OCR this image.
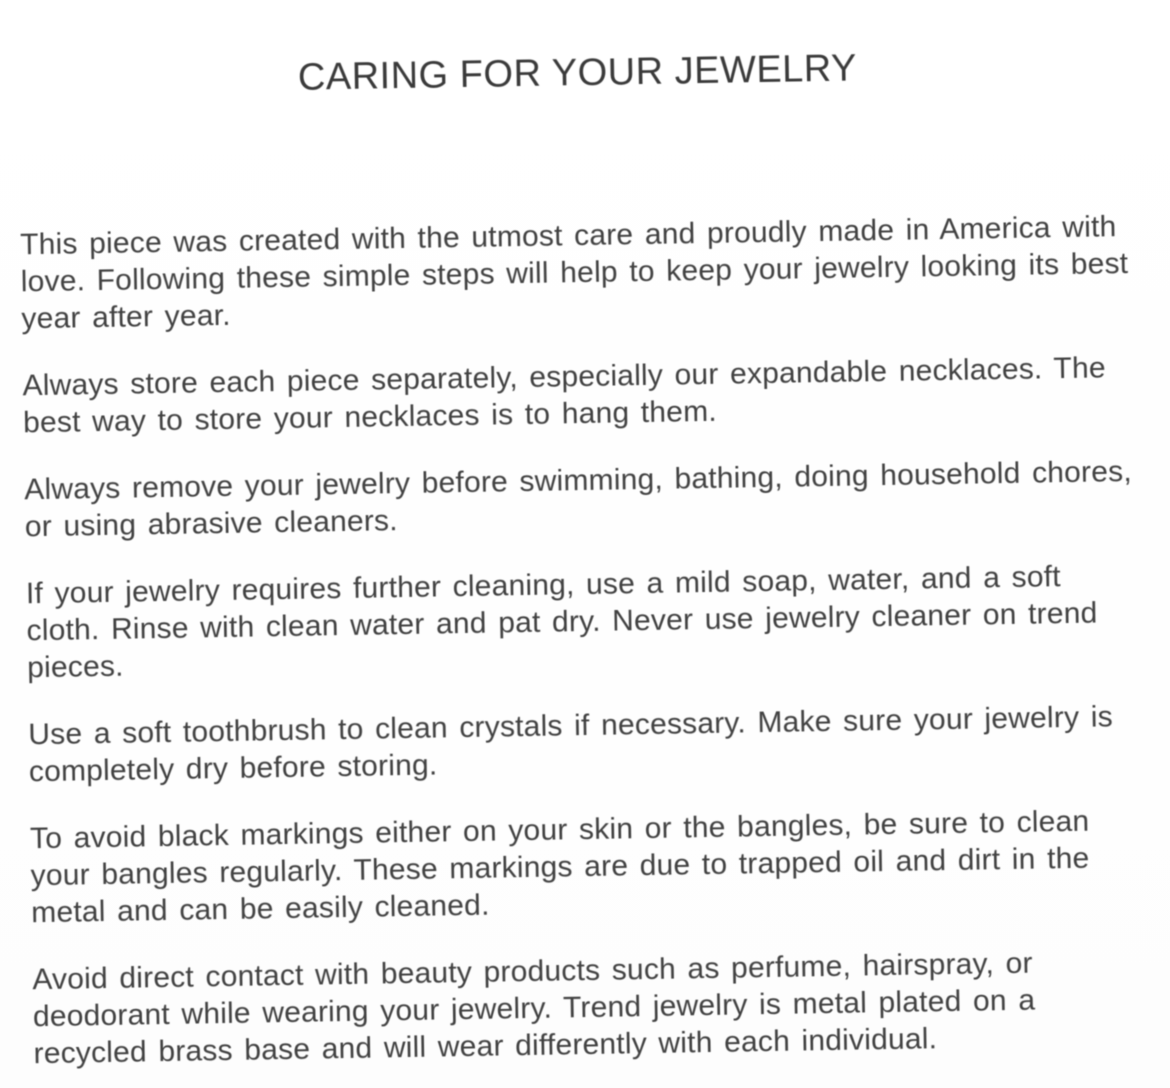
CARING FOR YOUR JEWELRY

This piece was created with the utmost care and proudly made in America with love. Following these simple steps will help to keep your jewelry looking its best year after year.

Always store each piece separately, especially our expandable necklaces. The best way to store your necklaces is to hang them.

Always remove your jewelry before swimming, bathing, doing household chores, or using abrasive cleaners.

If your jewelry requires further cleaning, use a mild soap, water, and a soft cloth. Rinse with clean water and pat dry. Never use jewelry cleaner on trend pieces.

Use a soft toothbrush to clean crystals if necessary. Make sure your jewelry is completely dry before storing.

To avoid black markings either on your skin or the bangles, be sure to clean your bangles regularly. These markings are due to trapped oil and dirt in the metal and can be easily cleaned.

Avoid direct contact with beauty products such as perfume, hairspray, or deodorant while wearing your jewelry. Trend jewelry is metal plated on a recycled brass base and will wear differently with each individual.
